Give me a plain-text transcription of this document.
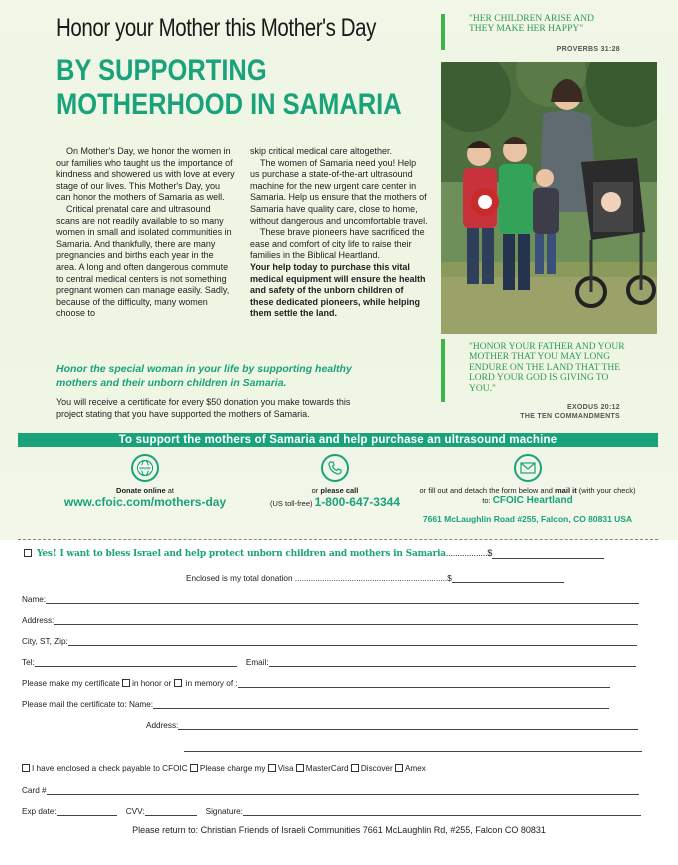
Honor your Mother this Mother's Day
BY SUPPORTING
MOTHERHOOD IN SAMARIA
"HER CHILDREN ARISE AND THEY MAKE HER HAPPY"
PROVERBS 31:28

On Mother's Day, we honor the women in our families who taught us the importance of kindness and showered us with love at every stage of our lives. This Mother's Day, you can honor the mothers of Samaria as well.

Critical prenatal care and ultrasound scans are not readily available to so many women in small and isolated communities in Samaria. And thankfully, there are many pregnancies and births each year in the area. A long and often dangerous commute to central medical centers is not something pregnant women can manage easily. Sadly, because of the difficulty, many women choose to

skip critical medical care altogether.

The women of Samaria need you! Help us purchase a state-of-the-art ultrasound machine for the new urgent care center in Samaria. Help us ensure that the mothers of Samaria have quality care, close to home, without dangerous and uncomfortable travel.

These brave pioneers have sacrificed the ease and comfort of city life to raise their families in the Biblical Heartland.

Your help today to purchase this vital medical equipment will ensure the health and safety of the unborn children of these dedicated pioneers, while helping them settle the land.

Honor the special woman in your life by supporting healthy mothers and their unborn children in Samaria.
You will receive a certificate for every $50 donation you make towards this project stating that you have supported the mothers of Samaria.
"HONOR YOUR FATHER AND YOUR MOTHER THAT YOU MAY LONG ENDURE ON THE LAND THAT THE LORD YOUR GOD IS GIVING TO YOU."
EXODUS 20:12
THE TEN COMMANDMENTS
To support the mothers of Samaria and help purchase an ultrasound machine
www
Donate online at
www.cfoic.com/mothers-day
or please call
(US toll-free) 1-800-647-3344
or fill out and detach the form below and mail it (with your check)
to: CFOIC Heartland
7661 McLaughlin Road #255, Falcon, CO 80831 USA
Yes! I want to bless Israel and help protect unborn children and mothers in Samaria..................$
Enclosed is my total donation ...................................................................$
Name:
Address:
City, ST, Zip:
Tel:	Email:
Please make my certificate in honor or  in memory of :
Please mail the certificate to: Name:
Address:
I have enclosed a check payable to CFOIC Please charge my Visa MasterCard Discover Amex
Card #
Exp date:	CVV:	Signature:
Please return to: Christian Friends of Israeli Communities 7661 McLaughlin Rd, #255, Falcon CO 80831
